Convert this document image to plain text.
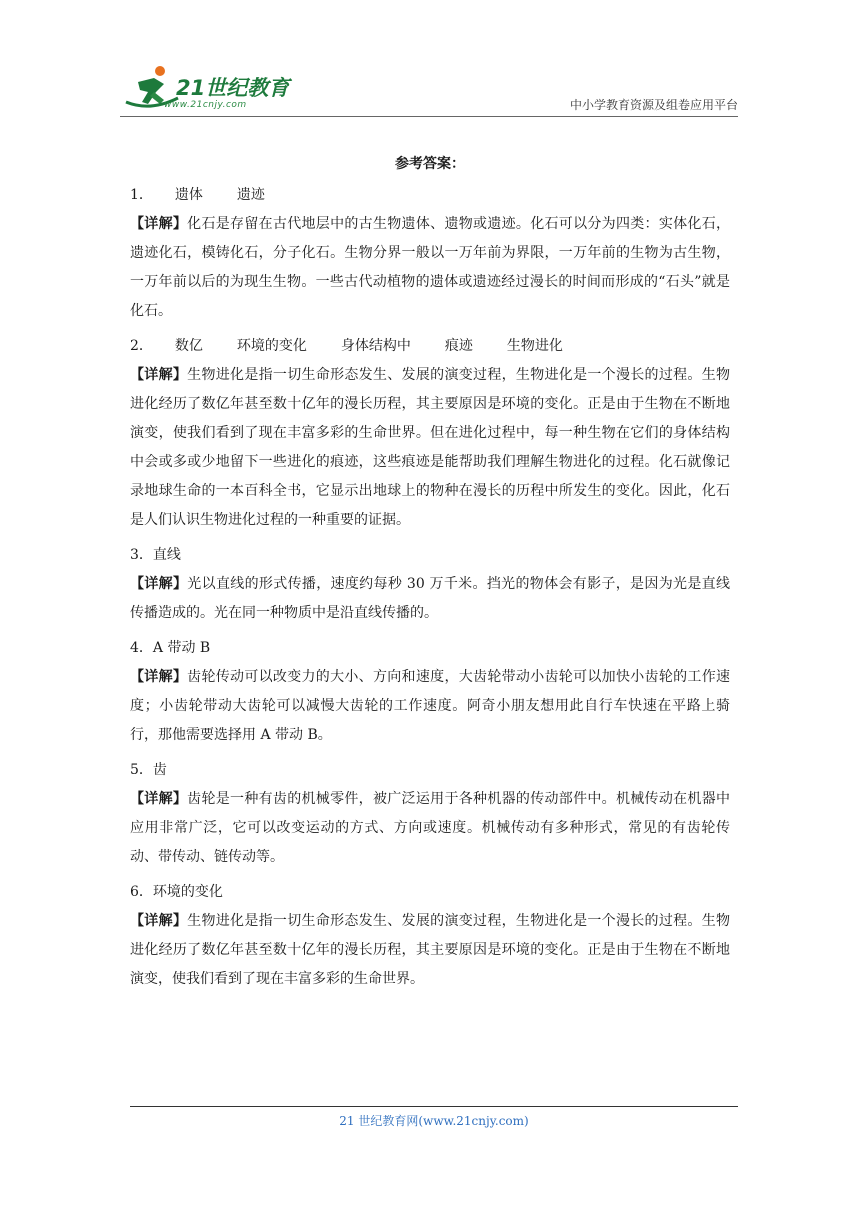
21世纪教育
www.21cnjy.com	中小学教育资源及组卷应用平台
参考答案：
1． 遗体 遗迹

【详解】化石是存留在古代地层中的古生物遗体、遗物或遗迹。化石可以分为四类：实体化石，遗迹化石，模铸化石，分子化石。生物分界一般以一万年前为界限，一万年前的生物为古生物，一万年前以后的为现生生物。一些古代动植物的遗体或遗迹经过漫长的时间而形成的“石头”就是化石。

2． 数亿 环境的变化 身体结构中 痕迹 生物进化

【详解】生物进化是指一切生命形态发生、发展的演变过程，生物进化是一个漫长的过程。生物进化经历了数亿年甚至数十亿年的漫长历程，其主要原因是环境的变化。正是由于生物在不断地演变，使我们看到了现在丰富多彩的生命世界。但在进化过程中，每一种生物在它们的身体结构中会或多或少地留下一些进化的痕迹，这些痕迹是能帮助我们理解生物进化的过程。化石就像记录地球生命的一本百科全书，它显示出地球上的物种在漫长的历程中所发生的变化。因此，化石是人们认识生物进化过程的一种重要的证据。

3． 直线

【详解】光以直线的形式传播，速度约每秒 30 万千米。挡光的物体会有影子，是因为光是直线传播造成的。光在同一种物质中是沿直线传播的。

4． A 带动 B

【详解】齿轮传动可以改变力的大小、方向和速度，大齿轮带动小齿轮可以加快小齿轮的工作速度；小齿轮带动大齿轮可以减慢大齿轮的工作速度。阿奇小朋友想用此自行车快速在平路上骑行，那他需要选择用 A 带动 B。

5． 齿

【详解】齿轮是一种有齿的机械零件，被广泛运用于各种机器的传动部件中。机械传动在机器中应用非常广泛，它可以改变运动的方式、方向或速度。机械传动有多种形式，常见的有齿轮传动、带传动、链传动等。

6． 环境的变化

【详解】生物进化是指一切生命形态发生、发展的演变过程，生物进化是一个漫长的过程。生物进化经历了数亿年甚至数十亿年的漫长历程，其主要原因是环境的变化。正是由于生物在不断地演变，使我们看到了现在丰富多彩的生命世界。

21 世纪教育网(www.21cnjy.com)
